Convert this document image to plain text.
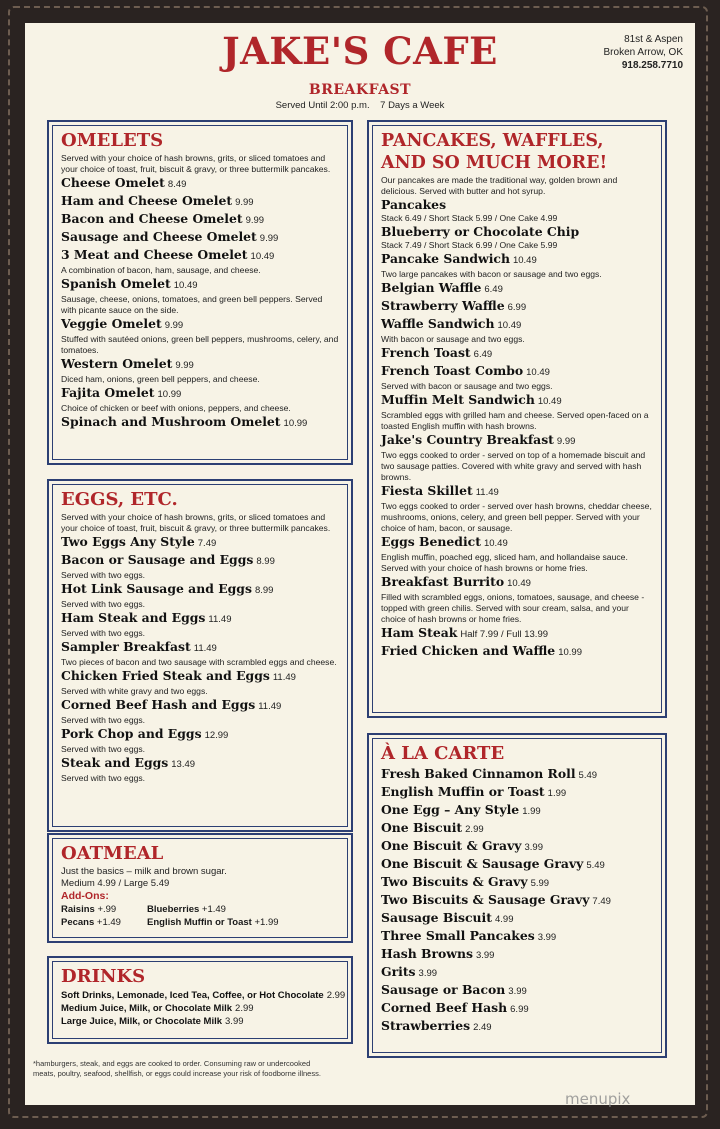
JAKE'S CAFE	81st & Aspen
Broken Arrow, OK
918.258.7710
BREAKFAST
Served Until 2:00 p.m.    7 Days a Week
OMELETS
Served with your choice of hash browns, grits, or sliced tomatoes and your choice of toast, fruit, biscuit & gravy, or three buttermilk pancakes.
Cheese Omelet 8.49
Ham and Cheese Omelet 9.99
Bacon and Cheese Omelet 9.99
Sausage and Cheese Omelet 9.99
3 Meat and Cheese Omelet 10.49
A combination of bacon, ham, sausage, and cheese.
Spanish Omelet 10.49
Sausage, cheese, onions, tomatoes, and green bell peppers. Served with picante sauce on the side.
Veggie Omelet 9.99
Stuffed with sautéed onions, green bell peppers, mushrooms, celery, and tomatoes.
Western Omelet 9.99
Diced ham, onions, green bell peppers, and cheese.
Fajita Omelet 10.99
Choice of chicken or beef with onions, peppers, and cheese.
Spinach and Mushroom Omelet 10.99
EGGS, ETC.
Served with your choice of hash browns, grits, or sliced tomatoes and your choice of toast, fruit, biscuit & gravy, or three buttermilk pancakes.
Two Eggs Any Style 7.49
Bacon or Sausage and Eggs 8.99
Served with two eggs.
Hot Link Sausage and Eggs 8.99
Served with two eggs.
Ham Steak and Eggs 11.49
Served with two eggs.
Sampler Breakfast 11.49
Two pieces of bacon and two sausage with scrambled eggs and cheese.
Chicken Fried Steak and Eggs 11.49
Served with white gravy and two eggs.
Corned Beef Hash and Eggs 11.49
Served with two eggs.
Pork Chop and Eggs 12.99
Served with two eggs.
Steak and Eggs 13.49
Served with two eggs.
OATMEAL
Just the basics – milk and brown sugar.
Medium 4.99 / Large 5.49
Add-Ons:
Raisins +.99	Blueberries +1.49
Pecans +1.49	English Muffin or Toast +1.99
DRINKS
Soft Drinks, Lemonade, Iced Tea, Coffee, or Hot Chocolate 2.99
Medium Juice, Milk, or Chocolate Milk 2.99
Large Juice, Milk, or Chocolate Milk 3.99
PANCAKES, WAFFLES,
AND SO MUCH MORE!
Our pancakes are made the traditional way, golden brown and delicious. Served with butter and hot syrup.
Pancakes
Stack 6.49 / Short Stack 5.99 / One Cake 4.99
Blueberry or Chocolate Chip
Stack 7.49 / Short Stack 6.99 / One Cake 5.99
Pancake Sandwich 10.49
Two large pancakes with bacon or sausage and two eggs.
Belgian Waffle 6.49
Strawberry Waffle 6.99
Waffle Sandwich 10.49
With bacon or sausage and two eggs.
French Toast 6.49
French Toast Combo 10.49
Served with bacon or sausage and two eggs.
Muffin Melt Sandwich 10.49
Scrambled eggs with grilled ham and cheese. Served open-faced on a toasted English muffin with hash browns.
Jake's Country Breakfast 9.99
Two eggs cooked to order - served on top of a homemade biscuit and two sausage patties. Covered with white gravy and served with hash browns.
Fiesta Skillet 11.49
Two eggs cooked to order - served over hash browns, cheddar cheese, mushrooms, onions, celery, and green bell pepper. Served with your choice of ham, bacon, or sausage.
Eggs Benedict 10.49
English muffin, poached egg, sliced ham, and hollandaise sauce. Served with your choice of hash browns or home fries.
Breakfast Burrito 10.49
Filled with scrambled eggs, onions, tomatoes, sausage, and cheese - topped with green chilis. Served with sour cream, salsa, and your choice of hash browns or home fries.
Ham Steak Half 7.99 / Full 13.99
Fried Chicken and Waffle 10.99
À LA CARTE
Fresh Baked Cinnamon Roll 5.49
English Muffin or Toast 1.99
One Egg – Any Style 1.99
One Biscuit 2.99
One Biscuit & Gravy 3.99
One Biscuit & Sausage Gravy 5.49
Two Biscuits & Gravy 5.99
Two Biscuits & Sausage Gravy 7.49
Sausage Biscuit 4.99
Three Small Pancakes 3.99
Hash Browns 3.99
Grits 3.99
Sausage or Bacon 3.99
Corned Beef Hash 6.99
Strawberries 2.49
*hamburgers, steak, and eggs are cooked to order. Consuming raw or undercooked meats, poultry, seafood, shellfish, or eggs could increase your risk of foodborne illness.
menupix
